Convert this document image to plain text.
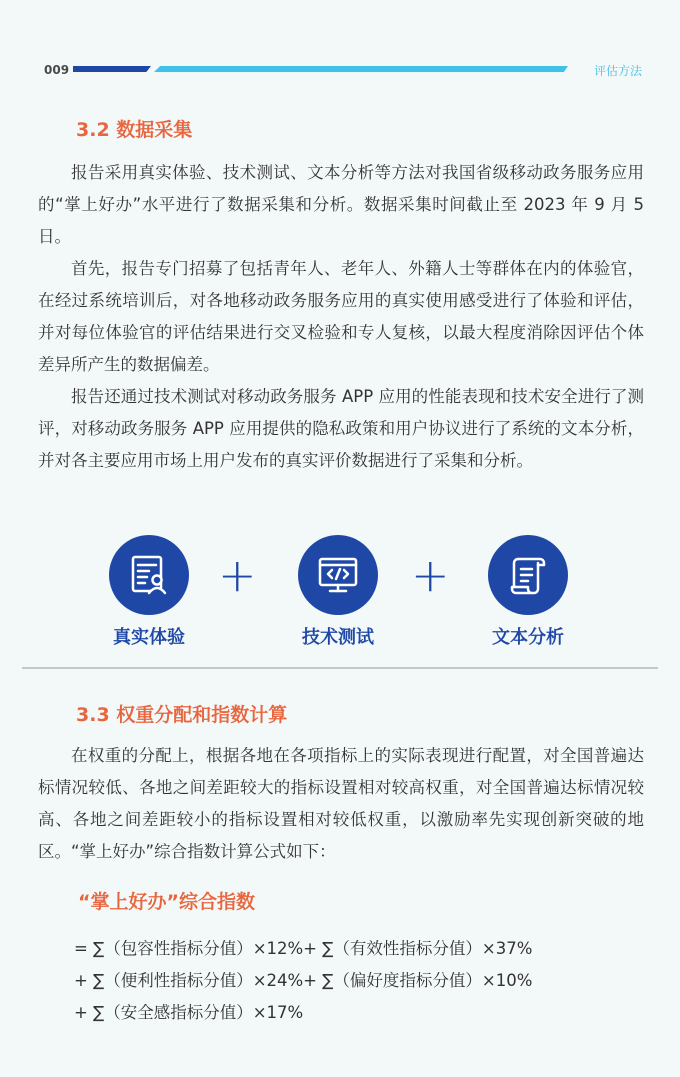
009	评估方法
3.2 数据采集

报告采用真实体验、技术测试、文本分析等方法对我国省级移动政务服务应用的“掌上好办”水平进行了数据采集和分析。数据采集时间截止至 2023 年 9 月 5 日。

首先，报告专门招募了包括青年人、老年人、外籍人士等群体在内的体验官，在经过系统培训后，对各地移动政务服务应用的真实使用感受进行了体验和评估，并对每位体验官的评估结果进行交叉检验和专人复核，以最大程度消除因评估个体差异所产生的数据偏差。

报告还通过技术测试对移动政务服务 APP 应用的性能表现和技术安全进行了测评，对移动政务服务 APP 应用提供的隐私政策和用户协议进行了系统的文本分析，并对各主要应用市场上用户发布的真实评价数据进行了采集和分析。

真实体验
+
技术测试
+
文本分析
3.3 权重分配和指数计算

在权重的分配上，根据各地在各项指标上的实际表现进行配置，对全国普遍达标情况较低、各地之间差距较大的指标设置相对较高权重，对全国普遍达标情况较高、各地之间差距较小的指标设置相对较低权重，以激励率先实现创新突破的地区。“掌上好办”综合指数计算公式如下：

“掌上好办”综合指数
= ∑（包容性指标分值）×12%+ ∑（有效性指标分值）×37%
+ ∑（便利性指标分值）×24%+ ∑（偏好度指标分值）×10%
+ ∑（安全感指标分值）×17%
